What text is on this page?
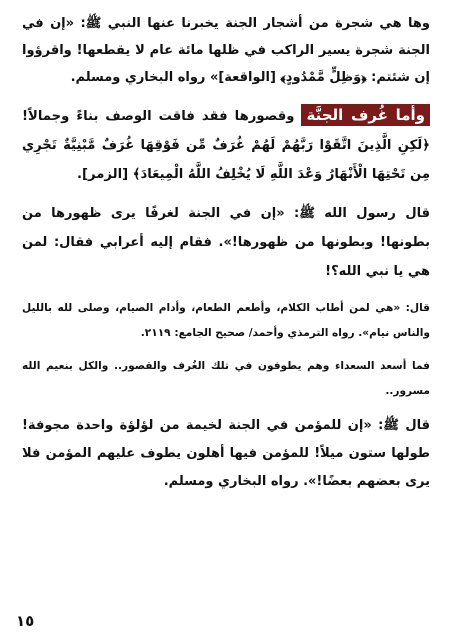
وها هي شجرة من أشجار الجنة يخبرنا عنها النبي ﷺ: «إن في الجنة شجرة يسير الراكب في ظلها مائة عام لا يقطعها! واقرؤوا إن شئتم: ﴿وَظِلٍّ مَّمْدُودٍ﴾ [الواقعة]» رواه البخاري ومسلم.

وأما غُرف الجنَّة وقصورها فقد فاقت الوصف بناءً وجمالاً! ﴿لَكِنِ الَّذِينَ اتَّقَوْا رَبَّهُمْ لَهُمْ غُرَفٌ مِّن فَوْقِهَا غُرَفٌ مَّبْنِيَّةٌ تَجْرِي مِن تَحْتِهَا الْأَنْهَارُ وَعْدَ اللَّهِ لَا يُخْلِفُ اللَّهُ الْمِيعَادَ﴾ [الزمر].

قال رسول الله ﷺ: «إن في الجنة لغرفًا يرى ظهورها من بطونها! وبطونها من ظهورها!». فقام إليه أعرابي فقال: لمن هي يا نبي الله؟!

قال: «هي لمن أطاب الكلام، وأطعم الطعام، وأدام الصيام، وصلى لله بالليل والناس نيام». رواه الترمذي وأحمد/ صحيح الجامع: ٢١١٩.

فما أسعد السعداء وهم يطوفون في تلك الغُرف والقصور.. والكل بنعيم الله مسرور..

قال ﷺ: «إن للمؤمن في الجنة لخيمة من لؤلؤة واحدة مجوفة! طولها ستون ميلاً! للمؤمن فيها أهلون يطوف عليهم المؤمن فلا يرى بعضهم بعضًا!». رواه البخاري ومسلم.

١٥
